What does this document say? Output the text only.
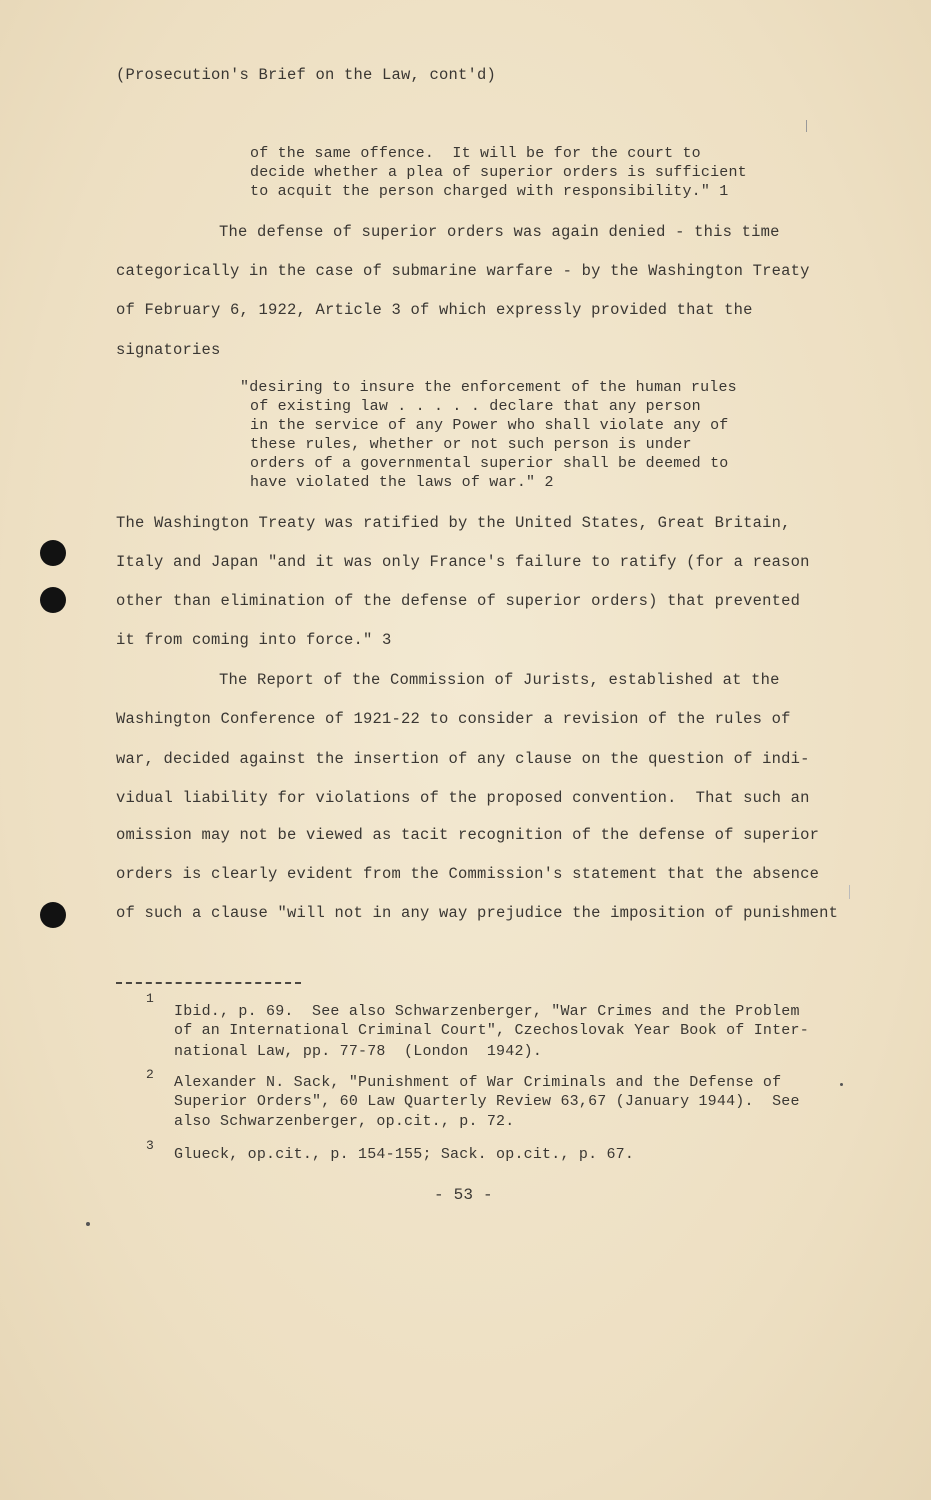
(Prosecution's Brief on the Law, cont'd)
of the same offence.  It will be for the court to
decide whether a plea of superior orders is sufficient
to acquit the person charged with responsibility." 1
The defense of superior orders was again denied - this time
categorically in the case of submarine warfare - by the Washington Treaty
of February 6, 1922, Article 3 of which expressly provided that the
signatories
"desiring to insure the enforcement of the human rules
of existing law . . . . . declare that any person
in the service of any Power who shall violate any of
these rules, whether or not such person is under
orders of a governmental superior shall be deemed to
have violated the laws of war." 2
The Washington Treaty was ratified by the United States, Great Britain,
Italy and Japan "and it was only France's failure to ratify (for a reason
other than elimination of the defense of superior orders) that prevented
it from coming into force." 3
The Report of the Commission of Jurists, established at the
Washington Conference of 1921-22 to consider a revision of the rules of
war, decided against the insertion of any clause on the question of indi-
vidual liability for violations of the proposed convention.  That such an
omission may not be viewed as tacit recognition of the defense of superior
orders is clearly evident from the Commission's statement that the absence
of such a clause "will not in any way prejudice the imposition of punishment
1
Ibid., p. 69.  See also Schwarzenberger, "War Crimes and the Problem
of an International Criminal Court", Czechoslovak Year Book of Inter-
national Law, pp. 77-78  (London  1942).
2 Alexander N. Sack, "Punishment of War Criminals and the Defense of
Superior Orders", 60 Law Quarterly Review 63,67 (January 1944).  See
also Schwarzenberger, op.cit., p. 72.
3
Glueck, op.cit., p. 154-155; Sack. op.cit., p. 67.
- 53 -
